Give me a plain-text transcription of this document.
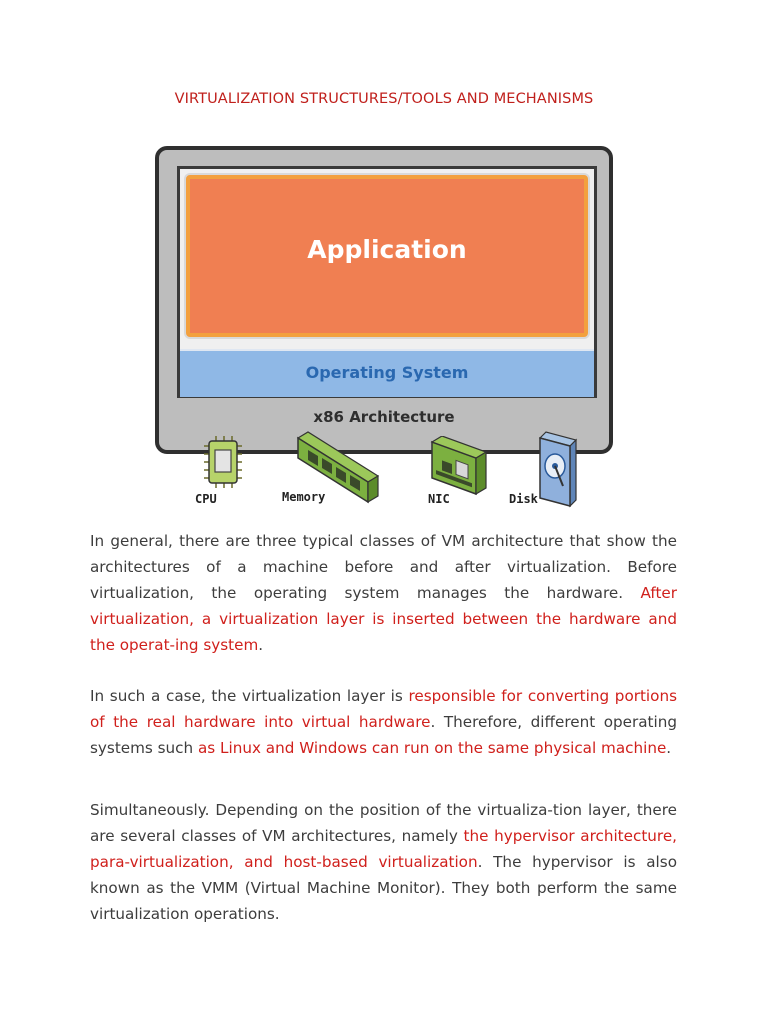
VIRTUALIZATION STRUCTURES/TOOLS AND MECHANISMS
Application
Operating System
x86 Architecture
CPU	Memory	NIC	Disk

In general, there are three typical classes of VM architecture that show the architectures of a machine before and after virtualization. Before virtualization, the operating system manages the hardware. After virtualization, a virtualization layer is inserted between the hardware and the operat-ing system.

In such a case, the virtualization layer is responsible for converting portions of the real hardware into virtual hardware. Therefore, different operating systems such as Linux and Windows can run on the same physical machine.

Simultaneously. Depending on the position of the virtualiza-tion layer, there are several classes of VM architectures, namely the hypervisor architecture, para-virtualization, and host-based virtualization. The hypervisor is also known as the VMM (Virtual Machine Monitor). They both perform the same virtualization operations.
